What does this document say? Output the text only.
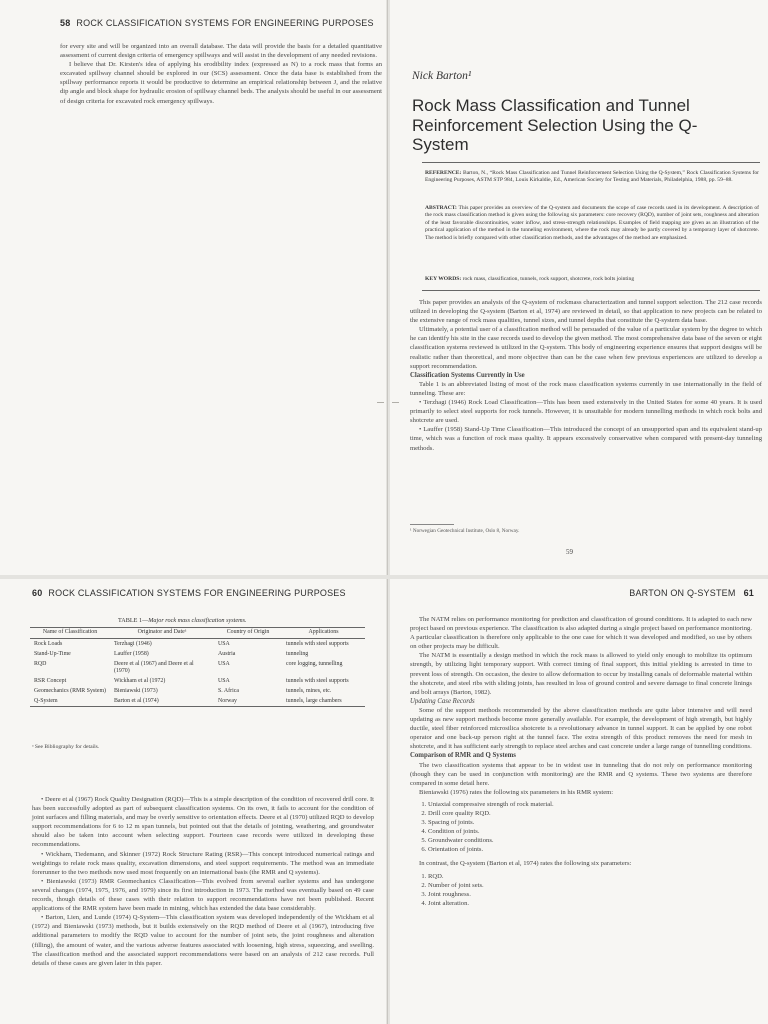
58 ROCK CLASSIFICATION SYSTEMS FOR ENGINEERING PURPOSES

for every site and will be organized into an overall database. The data will provide the basis for a detailed quantitative assessment of current design criteria of emergency spillways and will assist in the development of any needed revisions.

I believe that Dr. Kirsten's idea of applying his erodibility index (expressed as N) to a rock mass that forms an excavated spillway channel should be explored in our (SCS) assessment. Once the data base is established from the spillway performance reports it would be productive to determine an empirical relationship between J, and the relative dip angle and block shape for hydraulic erosion of spillway channel beds. The analysis should be useful in our assessment of design criteria for excavated rock emergency spillways.

Nick Barton¹
Rock Mass Classification and Tunnel Reinforcement Selection Using the Q-System
REFERENCE: Barton, N., “Rock Mass Classification and Tunnel Reinforcement Selection Using the Q-System,” Rock Classification Systems for Engineering Purposes, ASTM STP 984, Louis Kirkaldie, Ed., American Society for Testing and Materials, Philadelphia, 1988, pp. 59–88.
ABSTRACT: This paper provides an overview of the Q-system and documents the scope of case records used in its development. A description of the rock mass classification method is given using the following six parameters: core recovery (RQD), number of joint sets, roughness and alteration of the least favorable discontinuities, water inflow, and stress-strength relationships. Examples of field mapping are given as an illustration of the practical application of the method in the tunneling environment, where the rock may already be partly covered by a temporary layer of shotcrete. The method is briefly compared with other classification methods, and the advantages of the method are emphasized.
KEY WORDS: rock mass, classification, tunnels, rock support, shotcrete, rock bolts jointing

This paper provides an analysis of the Q-system of rockmass characterization and tunnel support selection. The 212 case records utilized in developing the Q-system (Barton et al, 1974) are reviewed in detail, so that application to new projects can be related to the extensive range of rock mass qualities, tunnel sizes, and tunnel depths that constitute the Q-system data base.

Ultimately, a potential user of a classification method will be persuaded of the value of a particular system by the degree to which he can identify his site in the case records used to develop the given method. The most comprehensive data base of the seven or eight classification systems reviewed is utilized in the Q-system. This body of engineering experience ensures that support designs will be realistic rather than theoretical, and more objective than can be the case when few previous experiences are utilized to develop a support recommendation.

Classification Systems Currently in Use

Table 1 is an abbreviated listing of most of the rock mass classification systems currently in use internationally in the field of tunneling. These are:

• Terzhagi (1946) Rock Load Classification—This has been used extensively in the United States for some 40 years. It is used primarily to select steel supports for rock tunnels. However, it is unsuitable for modern tunnelling methods in which rock bolts and shotcrete are used.

• Lauffer (1958) Stand-Up Time Classification—This introduced the concept of an unsupported span and its equivalent stand-up time, which was a function of rock mass quality. It appears excessively conservative when compared with present-day tunneling methods.

¹ Norwegian Geotechnical Institute, Oslo 8, Norway.
59
60 ROCK CLASSIFICATION SYSTEMS FOR ENGINEERING PURPOSES
TABLE 1—Major rock mass classification systems.
Name of Classification	Originator and Dateᵃ	Country of Origin	Applications
Rock Loads	Terzhagi (1946)	USA	tunnels with steel supports
Stand-Up-Time	Lauffer (1958)	Austria	tunneling
RQD	Deere et al (1967) and Deere et al (1970)	USA	core logging, tunnelling
RSR Concept	Wickham et al (1972)	USA	tunnels with steel supports
Geomechanics (RMR System)	Bieniawski (1973)	S. Africa	tunnels, mines, etc.
Q-System	Barton et al (1974)	Norway	tunnels, large chambers
ᵃ See Bibliography for details.

• Deere et al (1967) Rock Quality Designation (RQD)—This is a simple description of the condition of recovered drill core. It has been successfully adopted as part of subsequent classification systems. On its own, it fails to account for the condition of joint surfaces and filling materials, and may be overly sensitive to orientation effects. Deere et al (1970) utilized RQD to develop support recommendations for 6 to 12 m span tunnels, but pointed out that the details of jointing, weathering, and groundwater should also be taken into account when selecting support. Fourteen case records were utilized in developing these recommendations.

• Wickham, Tiedemann, and Skinner (1972) Rock Structure Rating (RSR)—This concept introduced numerical ratings and weightings to relate rock mass quality, excavation dimensions, and steel support requirements. The method was an immediate forerunner to the two methods now used most frequently on an international basis (the RMR and Q systems).

• Bieniawski (1973) RMR Geomechanics Classification—This evolved from several earlier systems and has undergone several changes (1974, 1975, 1976, and 1979) since its first introduction in 1973. The method was eventually based on 49 case records, though details of these cases with their relation to support recommendations have not been published. Recent applications of the RMR system have been made in mining, which has extended the data base considerably.

• Barton, Lien, and Lunde (1974) Q-System—This classification system was developed independently of the Wickham et al (1972) and Bieniawski (1973) methods, but it builds extensively on the RQD method of Deere et al (1967), introducing five additional parameters to modify the RQD value to account for the number of joint sets, the joint roughness and alteration (filling), the amount of water, and the various adverse features associated with loosening, high stress, squeezing, and swelling. The classification method and the associated support recommendations were based on an analysis of 212 case records. Full details of these cases are given later in this paper.

BARTON ON Q-SYSTEM 61

The NATM relies on performance monitoring for prediction and classification of ground conditions. It is adapted to each new project based on previous experience. The classification is also adapted during a single project based on performance monitoring. A particular classification is therefore only applicable to the one case for which it was developed and modified, so use by others on other projects may be difficult.

The NATM is essentially a design method in which the rock mass is allowed to yield only enough to mobilize its optimum strength, by utilizing light temporary support. With correct timing of final support, this initial yielding is arrested in time to prevent loss of strength. On occasion, the desire to allow deformation to occur by installing canals of deformable material within the shotcrete, and steel ribs with sliding joints, has resulted in loss of ground control and severe damage to final concrete linings and bolt arrays (Barton, 1982).

Updating Case Records

Some of the support methods recommended by the above classification methods are quite labor intensive and will need updating as new support methods become more generally available. For example, the development of high strength, but highly ductile, steel fiber reinforced microsilica shotcrete is a revolutionary advance in tunnel support. It can be applied by one robot operator and one back-up person right at the tunnel face. The extra strength of this product removes the need for mesh in shotcrete, and it has sufficient early strength to replace steel arches and cast concrete under a large range of tunnelling conditions.

Comparison of RMR and Q Systems

The two classification systems that appear to be in widest use in tunneling that do not rely on performance monitoring (though they can be used in conjunction with monitoring) are the RMR and Q systems. These two systems are therefore compared in some detail here.

Bieniawski (1976) rates the following six parameters in his RMR system:

1. Uniaxial compressive strength of rock material.
2. Drill core quality RQD.
3. Spacing of joints.
4. Condition of joints.
5. Groundwater conditions.
6. Orientation of joints.

In contrast, the Q-system (Barton et al, 1974) rates the following six parameters:

1. RQD.
2. Number of joint sets.
3. Joint roughness.
4. Joint alteration.
